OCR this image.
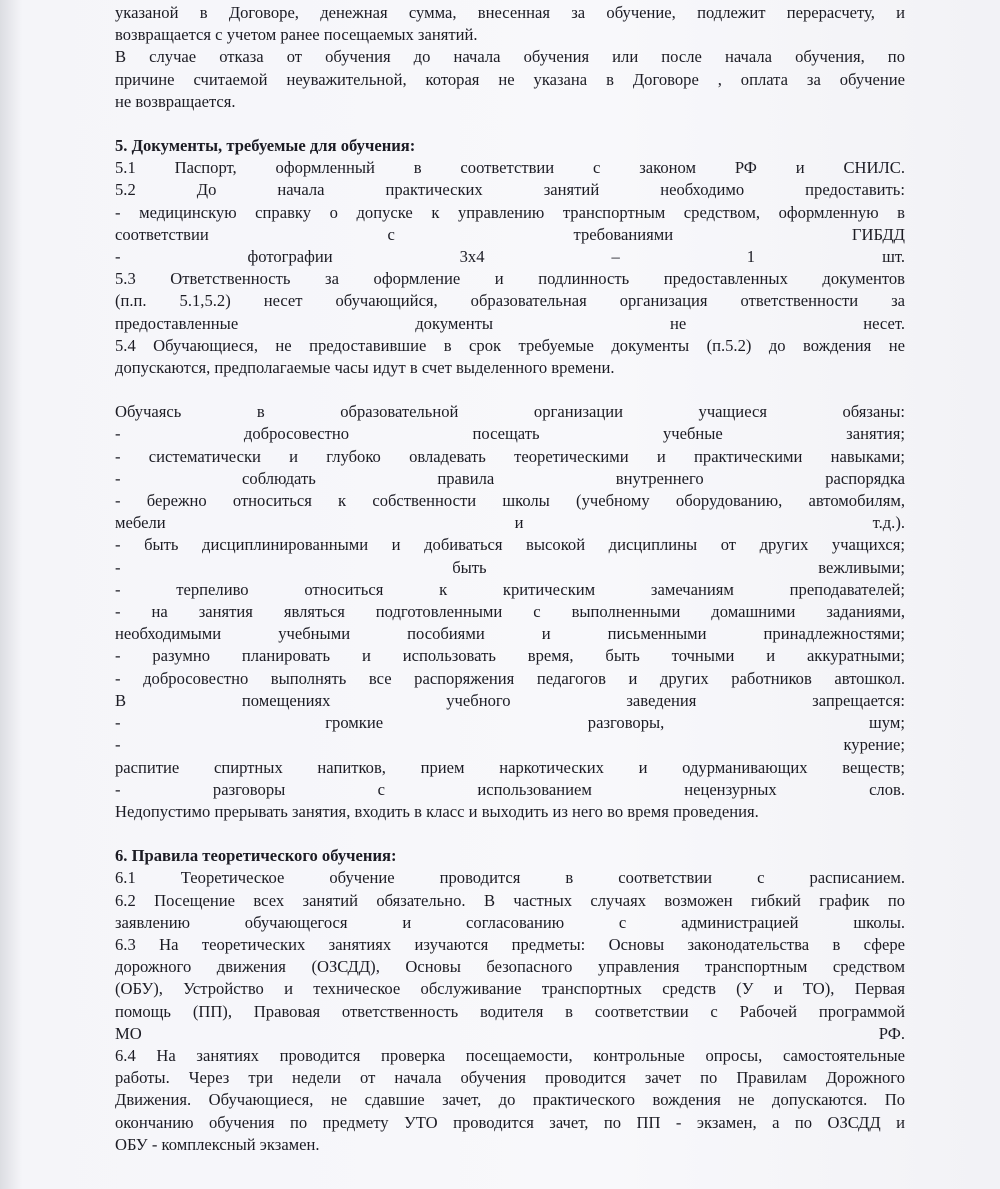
указаной в Договоре, денежная сумма, внесенная за обучение, подлежит перерасчету, и

возвращается с учетом ранее посещаемых занятий.

В случае отказа от обучения до начала обучения или после начала обучения, по

причине считаемой неуважительной, которая не указана в Договоре , оплата за обучение

не возвращается.

5. Документы, требуемые для обучения:

5.1 Паспорт, оформленный в соответствии с законом РФ и СНИЛС.

5.2 До начала практических занятий необходимо предоставить:

- медицинскую справку о допуске к управлению транспортным средством, оформленную в

соответствии с требованиями ГИБДД

- фотографии 3х4 – 1 шт.

5.3 Ответственность за оформление и подлинность предоставленных документов

(п.п. 5.1,5.2) несет обучающийся, образовательная организация ответственности за

предоставленные документы не несет.

5.4 Обучающиеся, не предоставившие в срок требуемые документы (п.5.2) до вождения не

допускаются, предполагаемые часы идут в счет выделенного времени.

Обучаясь в образовательной организации учащиеся обязаны:

- добросовестно посещать учебные занятия;

- систематически и глубоко овладевать теоретическими и практическими навыками;

- соблюдать правила внутреннего распорядка

- бережно относиться к собственности школы (учебному оборудованию, автомобилям,

мебели и т.д.).

- быть дисциплинированными и добиваться высокой дисциплины от других учащихся;

- быть вежливыми;

- терпеливо относиться к критическим замечаниям преподавателей;

- на занятия являться подготовленными с выполненными домашними заданиями,

необходимыми учебными пособиями и письменными принадлежностями;

- разумно планировать и использовать время, быть точными и аккуратными;

- добросовестно выполнять все распоряжения педагогов и других работников автошкол.

В помещениях учебного заведения запрещается:

- громкие разговоры, шум;

- курение;

распитие спиртных напитков, прием наркотических и одурманивающих веществ;

- разговоры с использованием нецензурных слов.

Недопустимо прерывать занятия, входить в класс и выходить из него во время проведения.

6. Правила теоретического обучения:

6.1 Теоретическое обучение проводится в соответствии с расписанием.

6.2 Посещение всех занятий обязательно. В частных случаях возможен гибкий график по

заявлению обучающегося и согласованию с администрацией школы.

6.3 На теоретических занятиях изучаются предметы: Основы законодательства в сфере

дорожного движения (ОЗСДД), Основы безопасного управления транспортным средством

(ОБУ), Устройство и техническое обслуживание транспортных средств (У и ТО), Первая

помощь (ПП), Правовая ответственность водителя в соответствии с Рабочей программой

МО РФ.

6.4 На занятиях проводится проверка посещаемости, контрольные опросы, самостоятельные

работы. Через три недели от начала обучения проводится зачет по Правилам Дорожного

Движения. Обучающиеся, не сдавшие зачет, до практического вождения не допускаются. По

окончанию обучения по предмету УТО проводится зачет, по ПП - экзамен, а по ОЗСДД и

ОБУ - комплексный экзамен.
